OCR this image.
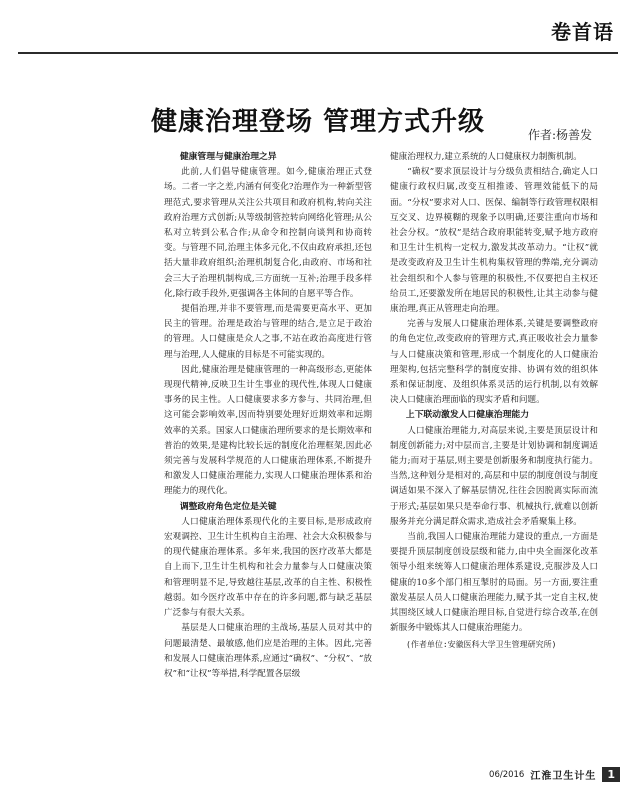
卷首语
健康治理登场 管理方式升级	作者:杨善发
健康管理与健康治理之异

此前,人们倡导健康管理。如今,健康治理正式登场。二者一字之差,内涵有何变化?治理作为一种新型管理范式,要求管理从关注公共项目和政府机构,转向关注政府治理方式创新;从等级制管控转向网络化管理;从公私对立转到公私合作;从命令和控制向谈判和协商转变。与管理不同,治理主体多元化,不仅由政府承担,还包括大量非政府组织;治理机制复合化,由政府、市场和社会三大子治理机制构成,三方面统一互补;治理手段多样化,除行政手段外,更强调各主体间的自愿平等合作。

提倡治理,并非不要管理,而是需要更高水平、更加民主的管理。治理是政治与管理的结合,是立足于政治的管理。人口健康是众人之事,不站在政治高度进行管理与治理,人人健康的目标是不可能实现的。

因此,健康治理是健康管理的一种高级形态,更能体现现代精神,反映卫生计生事业的现代性,体现人口健康事务的民主性。人口健康要求多方参与、共同治理,但这可能会影响效率,因而特别要处理好近期效率和远期效率的关系。国家人口健康治理所要求的是长期效率和普治的效果,是建构比较长远的制度化治理框架,因此必须完善与发展科学规范的人口健康治理体系,不断提升和激发人口健康治理能力,实现人口健康治理体系和治理能力的现代化。

调整政府角色定位是关键

人口健康治理体系现代化的主要目标,是形成政府宏观调控、卫生计生机构自主治理、社会大众积极参与的现代健康治理体系。多年来,我国的医疗改革大都是自上而下,卫生计生机构和社会力量参与人口健康决策和管理明显不足,导致越往基层,改革的自主性、积极性越弱。如今医疗改革中存在的许多问题,都与缺乏基层广泛参与有很大关系。

基层是人口健康治理的主战场,基层人员对其中的问题最清楚、最敏感,他们应是治理的主体。因此,完善和发展人口健康治理体系,应通过“确权”、“分权”、“放权”和“让权”等举措,科学配置各层级

健康治理权力,建立系统的人口健康权力制衡机制。

“确权”要求顶层设计与分级负责相结合,确定人口健康行政权归属,改变互相推诿、管理效能低下的局面。“分权”要求对人口、医保、编制等行政管理权限相互交叉、边界模糊的现象予以明确,还要注重向市场和社会分权。“放权”是结合政府职能转变,赋予地方政府和卫生计生机构一定权力,激发其改革动力。“让权”就是改变政府及卫生计生机构集权管理的弊端,充分调动社会组织和个人参与管理的积极性,不仅要把自主权还给员工,还要激发所在地居民的积极性,让其主动参与健康治理,真正从管理走向治理。

完善与发展人口健康治理体系,关键是要调整政府的角色定位,改变政府的管理方式,真正吸收社会力量参与人口健康决策和管理,形成一个制度化的人口健康治理架构,包括完整科学的制度安排、协调有效的组织体系和保证制度、及组织体系灵活的运行机制,以有效解决人口健康治理面临的现实矛盾和问题。

上下联动激发人口健康治理能力

人口健康治理能力,对高层来说,主要是顶层设计和制度创新能力;对中层而言,主要是计划协调和制度调适能力;而对于基层,则主要是创新服务和制度执行能力。当然,这种划分是相对的,高层和中层的制度创设与制度调适如果不深入了解基层情况,往往会因脱离实际而流于形式;基层如果只是奉命行事、机械执行,就难以创新服务并充分满足群众需求,造成社会矛盾聚集上移。

当前,我国人口健康治理能力建设的重点,一方面是要提升顶层制度创设层级和能力,由中央全面深化改革领导小组来统筹人口健康治理体系建设,克服涉及人口健康的10多个部门相互掣肘的局面。另一方面,要注重激发基层人员人口健康治理能力,赋予其一定自主权,使其围绕区域人口健康治理目标,自觉进行综合改革,在创新服务中锻炼其人口健康治理能力。

(作者单位:安徽医科大学卫生管理研究所)

06/2016 江淮卫生计生	1
